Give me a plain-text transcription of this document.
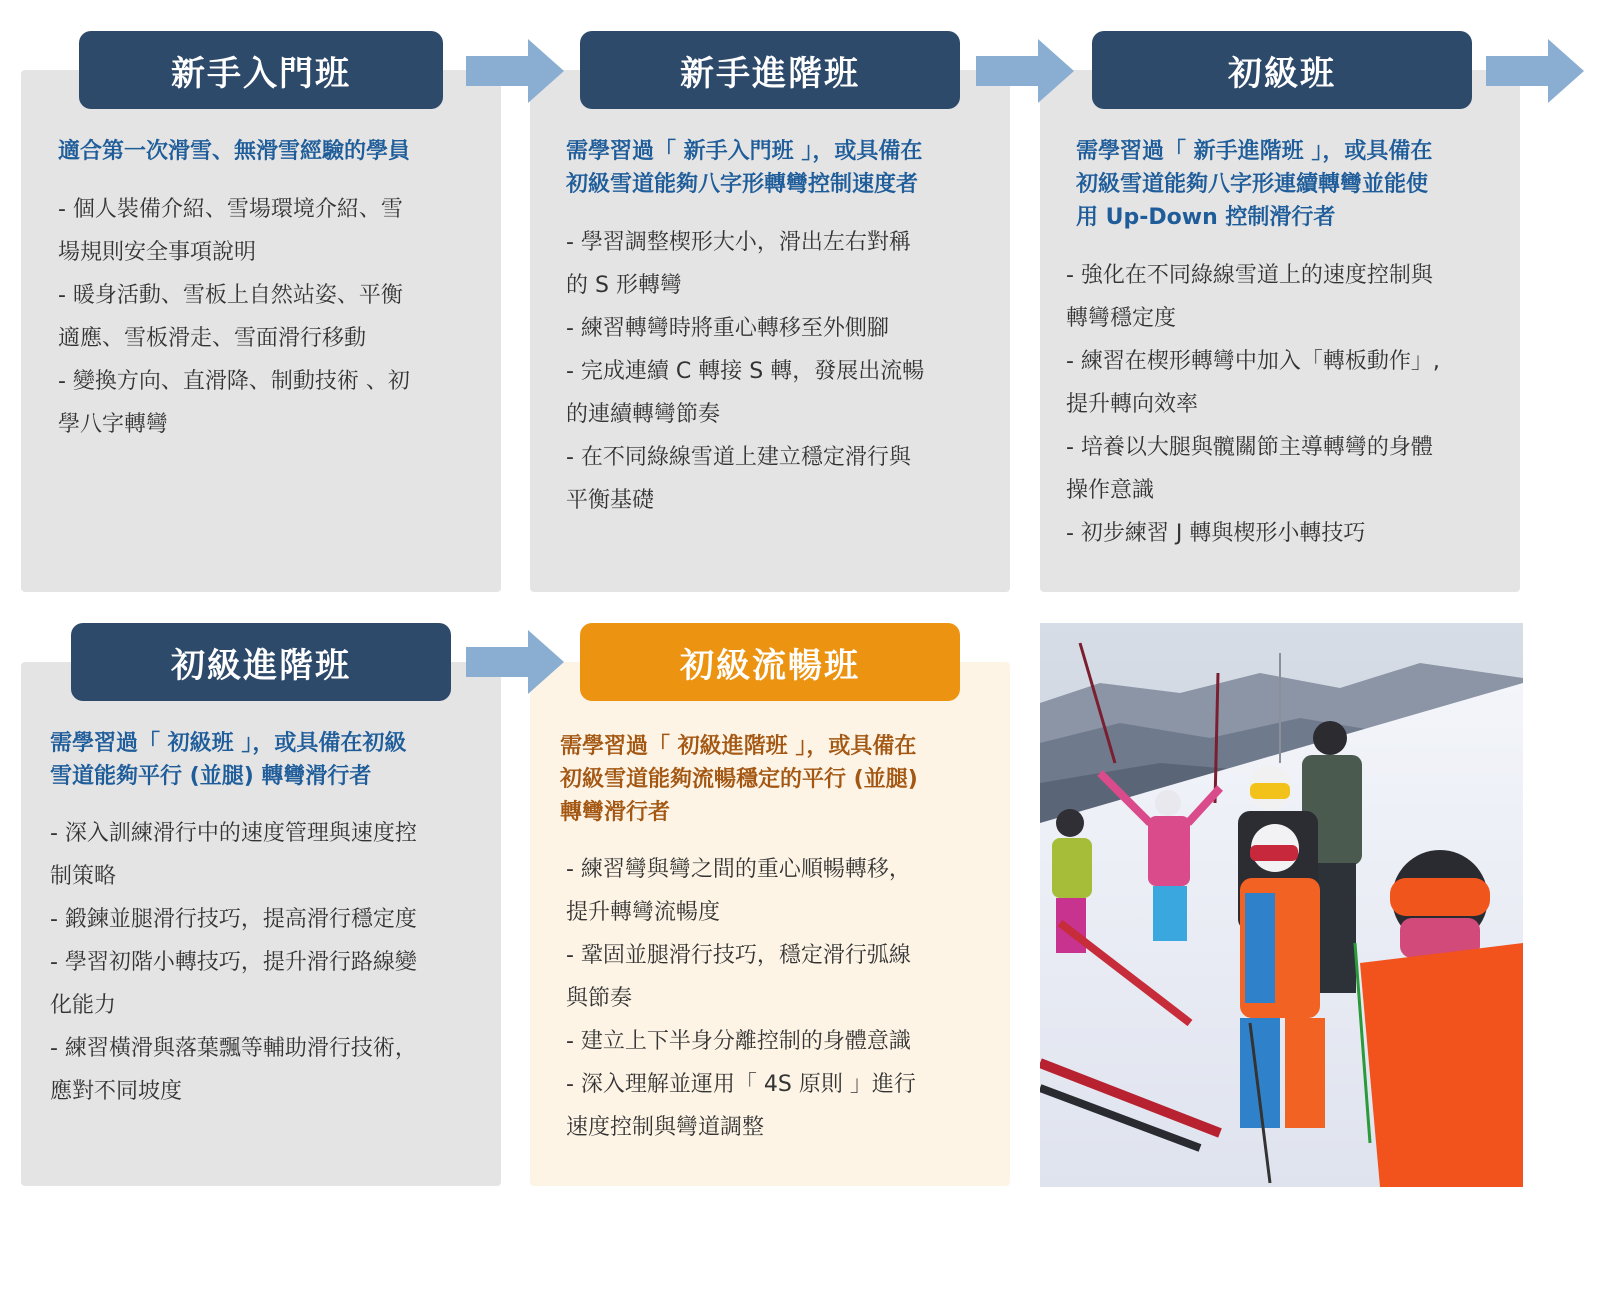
新手入門班	新手進階班	初級班
初級進階班	初級流暢班
適合第一次滑雪、無滑雪經驗的學員
- 個人裝備介紹、雪場環境介紹、雪
場規則安全事項說明
- 暖身活動、雪板上自然站姿、平衡
適應、雪板滑走、雪面滑行移動
- 變換方向、直滑降、制動技術 、初
學八字轉彎
需學習過「 新手入門班 」，或具備在
初級雪道能夠八字形轉彎控制速度者
- 學習調整楔形大小，滑出左右對稱
的 S 形轉彎
- 練習轉彎時將重心轉移至外側腳
- 完成連續 C 轉接 S 轉，發展出流暢
的連續轉彎節奏
- 在不同綠線雪道上建立穩定滑行與
平衡基礎
需學習過「 新手進階班 」，或具備在
初級雪道能夠八字形連續轉彎並能使
用 Up-Down 控制滑行者
- 強化在不同綠線雪道上的速度控制與
轉彎穩定度
- 練習在楔形轉彎中加入「轉板動作」,
提升轉向效率
- 培養以大腿與髖關節主導轉彎的身體
操作意識
- 初步練習 J 轉與楔形小轉技巧
需學習過「 初級班 」，或具備在初級
雪道能夠平行 (並腿) 轉彎滑行者
- 深入訓練滑行中的速度管理與速度控
制策略
- 鍛鍊並腿滑行技巧，提高滑行穩定度
- 學習初階小轉技巧，提升滑行路線變
化能力
- 練習橫滑與落葉飄等輔助滑行技術，
應對不同坡度
需學習過「 初級進階班 」，或具備在
初級雪道能夠流暢穩定的平行 (並腿)
轉彎滑行者
- 練習彎與彎之間的重心順暢轉移，
提升轉彎流暢度
- 鞏固並腿滑行技巧，穩定滑行弧線
與節奏
- 建立上下半身分離控制的身體意識
- 深入理解並運用「 4S 原則 」進行
速度控制與彎道調整
